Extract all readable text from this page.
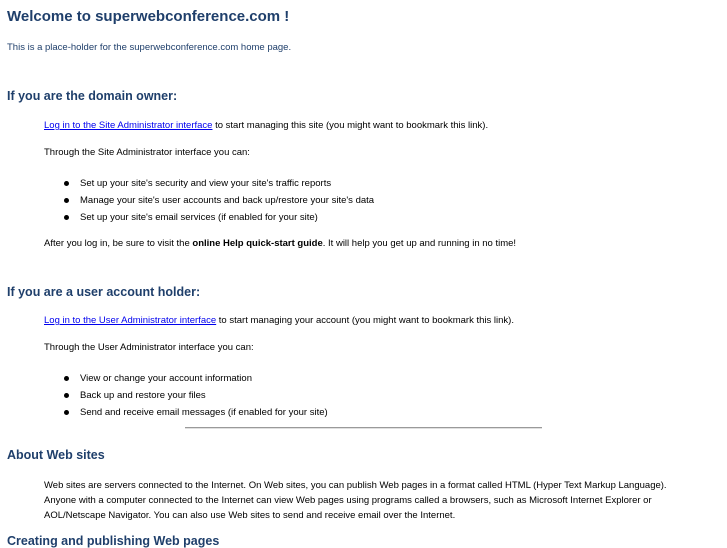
Welcome to superwebconference.com !

This is a place-holder for the superwebconference.com home page.

If you are the domain owner:

Log in to the Site Administrator interface to start managing this site (you might want to bookmark this link).

Through the Site Administrator interface you can:

Set up your site's security and view your site's traffic reports
Manage your site's user accounts and back up/restore your site's data
Set up your site's email services (if enabled for your site)

After you log in, be sure to visit the online Help quick-start guide. It will help you get up and running in no time!

If you are a user account holder:

Log in to the User Administrator interface to start managing your account (you might want to bookmark this link).

Through the User Administrator interface you can:

View or change your account information
Back up and restore your files
Send and receive email messages (if enabled for your site)
About Web sites

Web sites are servers connected to the Internet. On Web sites, you can publish Web pages in a format called HTML (Hyper Text Markup Language). Anyone with a computer connected to the Internet can view Web pages using programs called a browsers, such as Microsoft Internet Explorer or AOL/Netscape Navigator. You can also use Web sites to send and receive email over the Internet.

Creating and publishing Web pages
